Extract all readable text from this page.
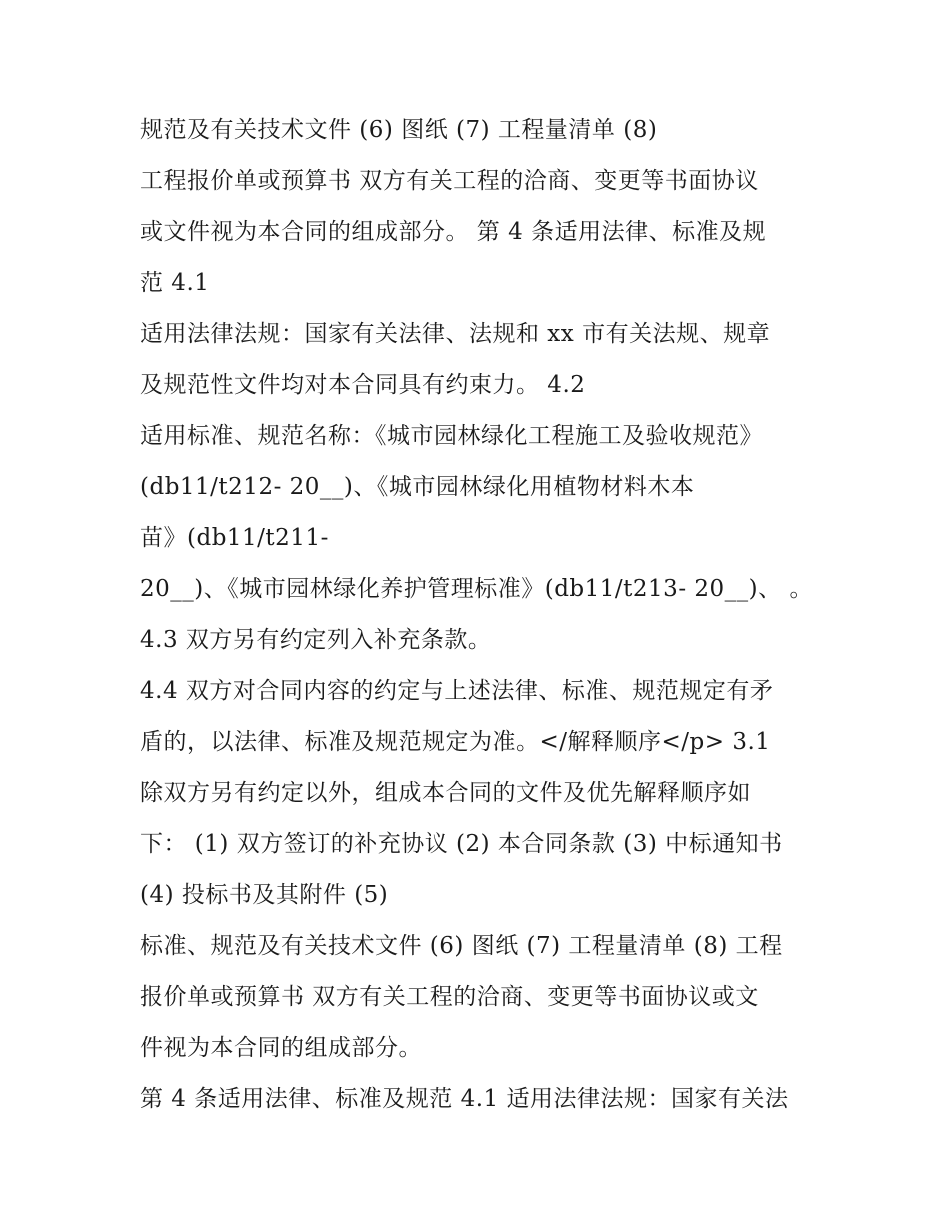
规范及有关技术文件 (6) 图纸 (7) 工程量清单 (8)
工程报价单或预算书 双方有关工程的洽商、变更等书面协议
或文件视为本合同的组成部分。 第 4 条适用法律、标准及规
范 4.1
适用法律法规：国家有关法律、法规和 xx 市有关法规、规章
及规范性文件均对本合同具有约束力。 4.2
适用标准、规范名称：《城市园林绿化工程施工及验收规范》
(db11/t212- 20__)、《城市园林绿化用植物材料木本
苗》(db11/t211-
20__)、《城市园林绿化养护管理标准》(db11/t213- 20__)、 。
4.3 双方另有约定列入补充条款。
4.4 双方对合同内容的约定与上述法律、标准、规范规定有矛
盾的，以法律、标准及规范规定为准。</解释顺序</p> 3.1
除双方另有约定以外，组成本合同的文件及优先解释顺序如
下： (1) 双方签订的补充协议 (2) 本合同条款 (3) 中标通知书
(4) 投标书及其附件 (5)
标准、规范及有关技术文件 (6) 图纸 (7) 工程量清单 (8) 工程
报价单或预算书 双方有关工程的洽商、变更等书面协议或文
件视为本合同的组成部分。
第 4 条适用法律、标准及规范 4.1 适用法律法规：国家有关法
